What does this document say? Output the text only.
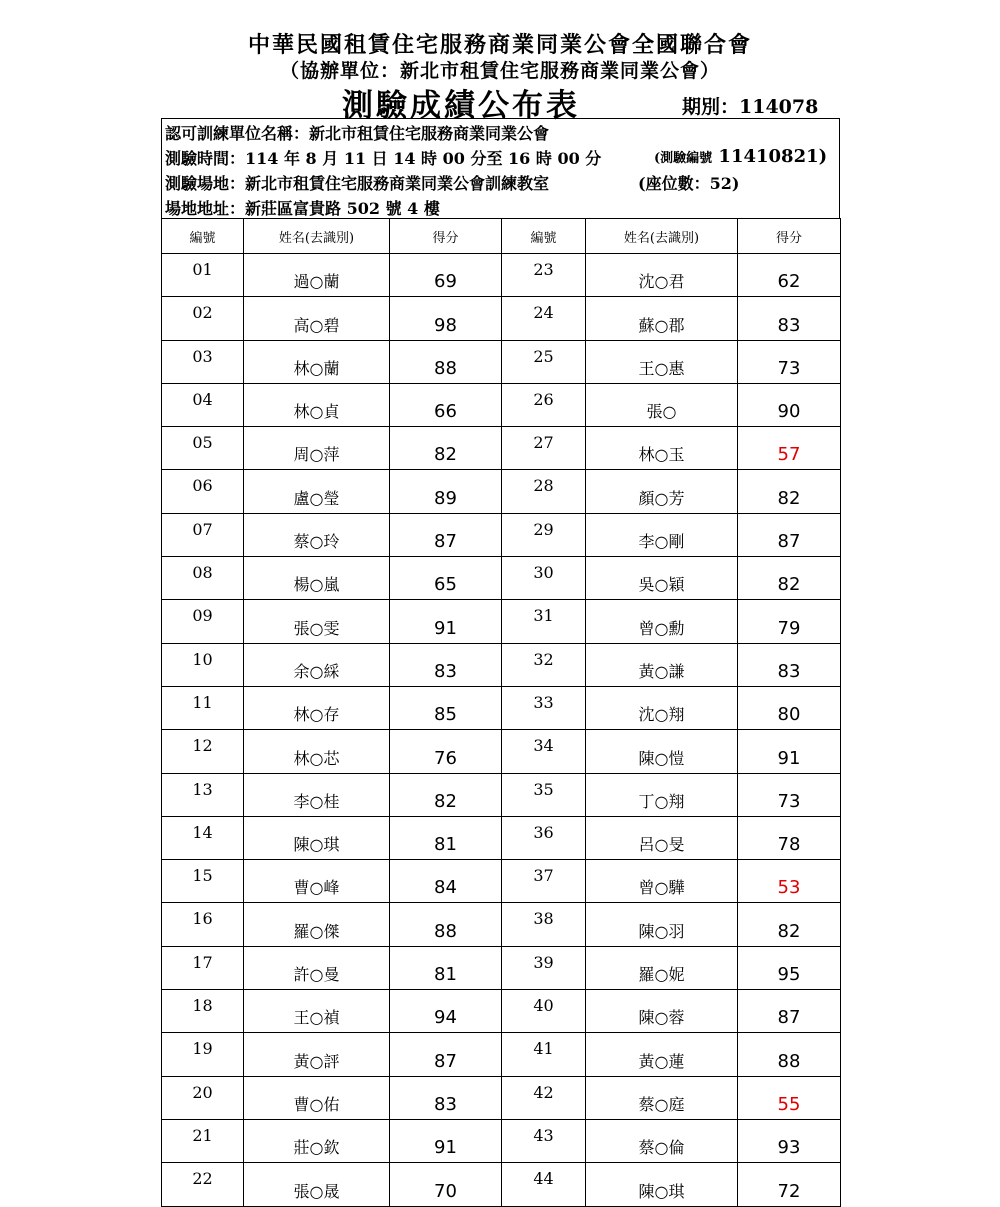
中華民國租賃住宅服務商業同業公會全國聯合會
（協辦單位：新北市租賃住宅服務商業同業公會）
測驗成績公布表	期別：114078
認可訓練單位名稱：新北市租賃住宅服務商業同業公會
測驗時間：114 年 8 月 11 日 14 時 00 分至 16 時 00 分	(測驗編號 11410821)
測驗場地：新北市租賃住宅服務商業同業公會訓練教室	(座位數：52)
場地地址：新莊區富貴路 502 號 4 樓
編號	姓名(去識別)	得分	編號	姓名(去識別)	得分
01	過○蘭	69	23	沈○君	62
02	高○碧	98	24	蘇○郡	83
03	林○蘭	88	25	王○惠	73
04	林○貞	66	26	張○	90
05	周○萍	82	27	林○玉	57
06	盧○瑩	89	28	顏○芳	82
07	蔡○玲	87	29	李○剛	87
08	楊○嵐	65	30	吳○穎	82
09	張○雯	91	31	曾○勳	79
10	余○綵	83	32	黃○謙	83
11	林○存	85	33	沈○翔	80
12	林○芯	76	34	陳○愷	91
13	李○桂	82	35	丁○翔	73
14	陳○琪	81	36	呂○旻	78
15	曹○峰	84	37	曾○驊	53
16	羅○傑	88	38	陳○羽	82
17	許○曼	81	39	羅○妮	95
18	王○禎	94	40	陳○蓉	87
19	黃○評	87	41	黃○蓮	88
20	曹○佑	83	42	蔡○庭	55
21	莊○欽	91	43	蔡○倫	93
22	張○晟	70	44	陳○琪	72
